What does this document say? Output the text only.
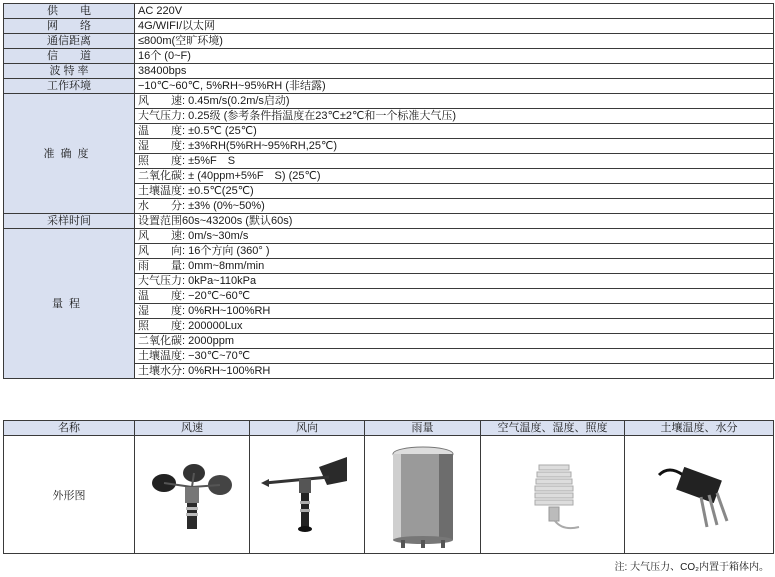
供　　电	AC 220V
网　　络	4G/WIFI/以太网
通信距离	≤800m(空旷环境)
信　　道	16个 (0~F)
波 特 率	38400bps
工作环境	−10℃~60℃, 5%RH~95%RH (非结露)
准确度	风　　速: 0.45m/s(0.2m/s启动)
	大气压力: 0.25级 (参考条件指温度在23℃±2℃和一个标准大气压)
	温　　度: ±0.5℃ (25℃)
	湿　　度: ±3%RH(5%RH~95%RH,25℃)
	照　　度: ±5%F　S
	二氧化碳: ± (40ppm+5%F　S) (25℃)
	土壤温度: ±0.5℃(25℃)
	水　　分: ±3% (0%~50%)
采样时间	设置范围60s~43200s (默认60s)
量程	风　　速: 0m/s~30m/s
	风　　向: 16个方向 (360° )
	雨　　量: 0mm~8mm/min
	大气压力: 0kPa~110kPa
	温　　度: −20℃~60℃
	湿　　度: 0%RH~100%RH
	照　　度: 200000Lux
	二氧化碳: 2000ppm
	土壤温度: −30℃~70℃
	土壤水分: 0%RH~100%RH
名称	风速	风向	雨量	空气温度、湿度、照度	土壤温度、水分
外形图	

注: 大气压力、CO₂内置于箱体内。
